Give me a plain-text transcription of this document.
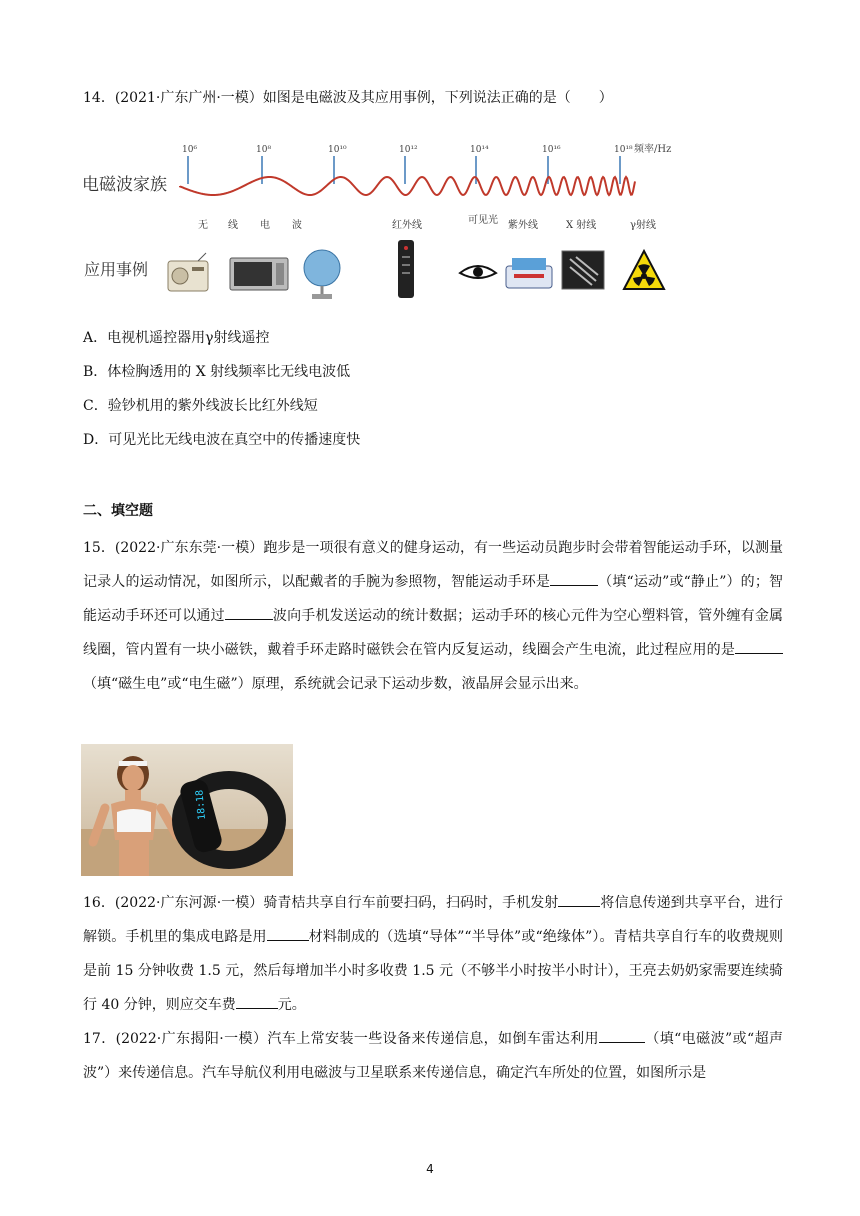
14．(2021·广东广州·一模）如图是电磁波及其应用事例，下列说法正确的是（　　）
电磁波家族
应用事例
10⁶	10⁸	10¹⁰	10¹²	10¹⁴	10¹⁶	10¹⁸ 频率/Hz
无 线 电 波	红外线	可见光 紫外线	X 射线	γ射线
A．电视机遥控器用γ射线遥控
B．体检胸透用的 X 射线频率比无线电波低
C．验钞机用的紫外线波长比红外线短
D．可见光比无线电波在真空中的传播速度快
二、填空题
15．(2022·广东东莞·一模）跑步是一项很有意义的健身运动，有一些运动员跑步时会带着智能运动手环，以测量记录人的运动情况，如图所示，以配戴者的手腕为参照物，智能运动手环是	（填“运动”或“静止”）的；智能运动手环还可以通过	波向手机发送运动的统计数据；运动手环的核心元件为空心塑料管，管外缠有金属线圈，管内置有一块小磁铁，戴着手环走路时磁铁会在管内反复运动，线圈会产生电流，此过程应用的是（填“磁生电”或“电生磁”）原理，系统就会记录下运动步数，液晶屏会显示出来。
18:18
16．(2022·广东河源·一模）骑青桔共享自行车前要扫码，扫码时，手机发射	将信息传递到共享平台，进行解锁。手机里的集成电路是用	材料制成的（选填“导体”“半导体”或“绝缘体”）。青桔共享自行车的收费规则是前 15 分钟收费 1.5 元，然后每增加半小时多收费 1.5 元（不够半小时按半小时计），王亮去奶奶家需要连续骑行 40 分钟，则应交车费	元。
17．(2022·广东揭阳·一模）汽车上常安装一些设备来传递信息，如倒车雷达利用	（填“电磁波”或“超声波”）来传递信息。汽车导航仪利用电磁波与卫星联系来传递信息，确定汽车所处的位置，如图所示是
4
